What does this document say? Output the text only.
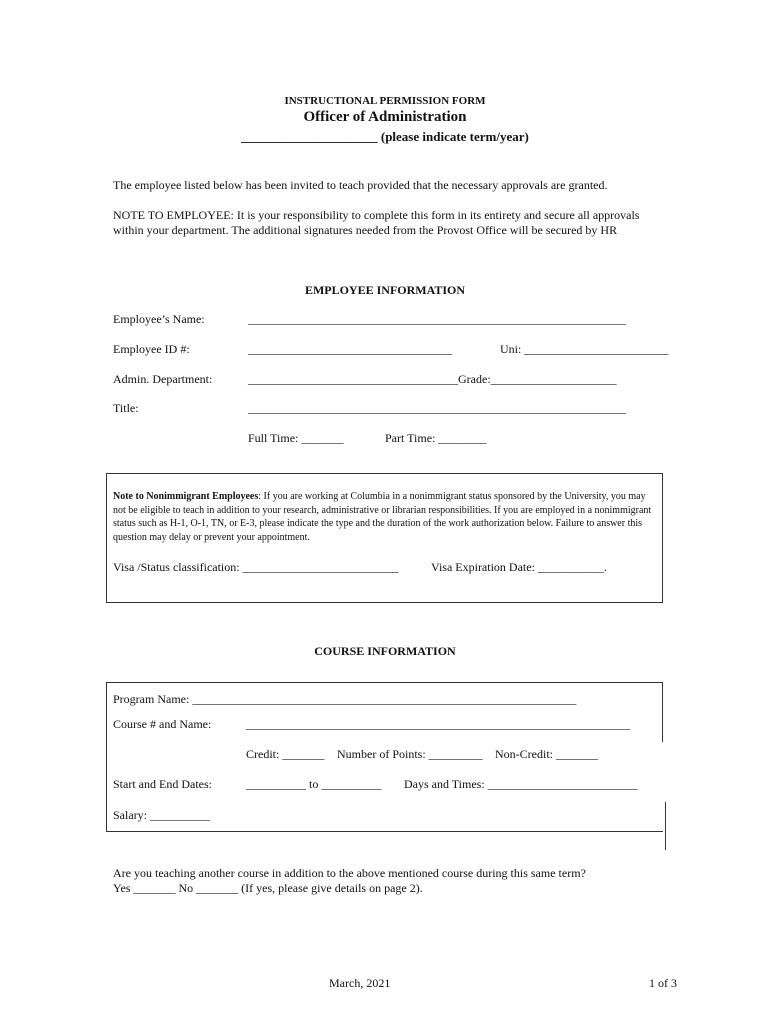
INSTRUCTIONAL PERMISSION FORM
Officer of Administration
_____________________ (please indicate term/year)
The employee listed below has been invited to teach provided that the necessary approvals are granted.
NOTE TO EMPLOYEE: It is your responsibility to complete this form in its entirety and secure all approvals within your department. The additional signatures needed from the Provost Office will be secured by HR
EMPLOYEE INFORMATION
Employee’s Name:	_______________________________________________________________
Employee ID #:	__________________________________	Uni: ________________________
Admin. Department:	___________________________________Grade:_____________________
Title:	_______________________________________________________________
Full Time: _______	Part Time: ________
Note to Nonimmigrant Employees: If you are working at Columbia in a nonimmigrant status sponsored by the University, you may not be eligible to teach in addition to your research, administrative or librarian responsibilities. If you are employed in a nonimmigrant status such as H-1, O-1, TN, or E-3, please indicate the type and the duration of the work authorization below. Failure to answer this question may delay or prevent your appointment.
Visa /Status classification: __________________________	Visa Expiration Date: ___________.
COURSE INFORMATION
Program Name: ________________________________________________________________
Course # and Name:	________________________________________________________________
Credit: _______ Number of Points: _________ Non-Credit: _______
Start and End Dates:	__________ to __________ Days and Times: _________________________
Salary: __________
Are you teaching another course in addition to the above mentioned course during this same term?
Yes _______ No _______ (If yes, please give details on page 2).
March, 2021	1 of 3
